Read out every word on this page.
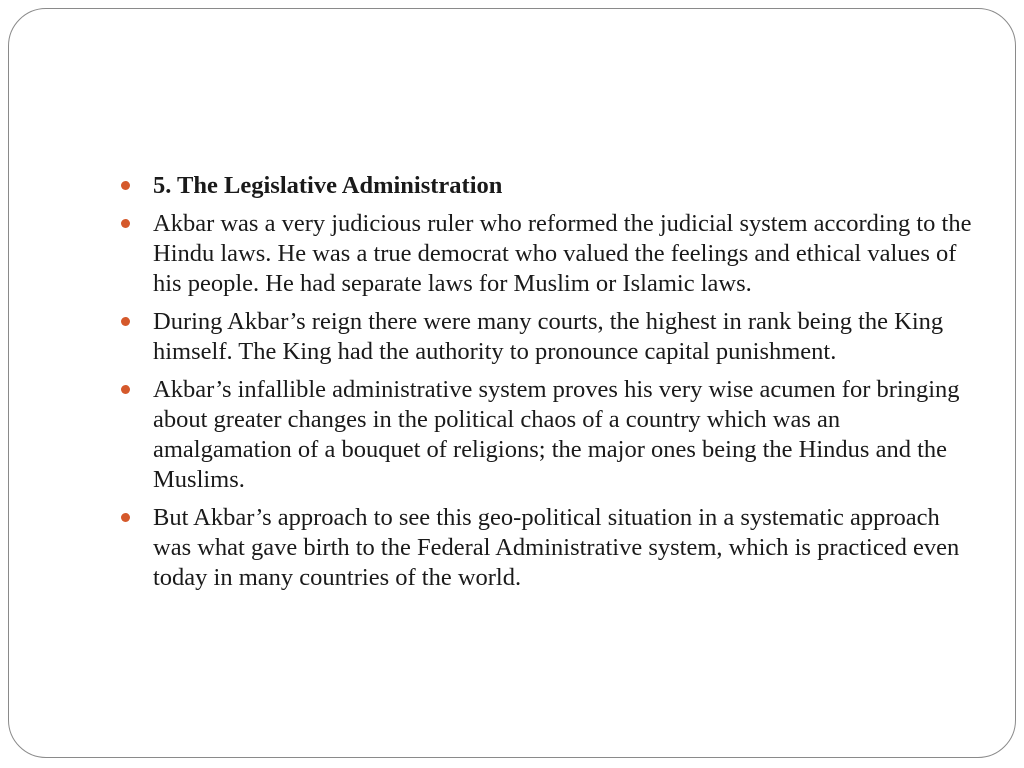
5. The Legislative Administration
Akbar was a very judicious ruler who reformed the judicial system according to the Hindu laws. He was a true democrat who valued the feelings and ethical values of his people. He had separate laws for Muslim or Islamic laws.
During Akbar’s reign there were many courts, the highest in rank being the King himself. The King had the authority to pronounce capital punishment.
Akbar’s infallible administrative system proves his very wise acumen for bringing about greater changes in the political chaos of a country which was an amalgamation of a bouquet of religions; the major ones being the Hindus and the Muslims.
But Akbar’s approach to see this geo-political situation in a systematic approach was what gave birth to the Federal Administrative system, which is practiced even today in many countries of the world.
